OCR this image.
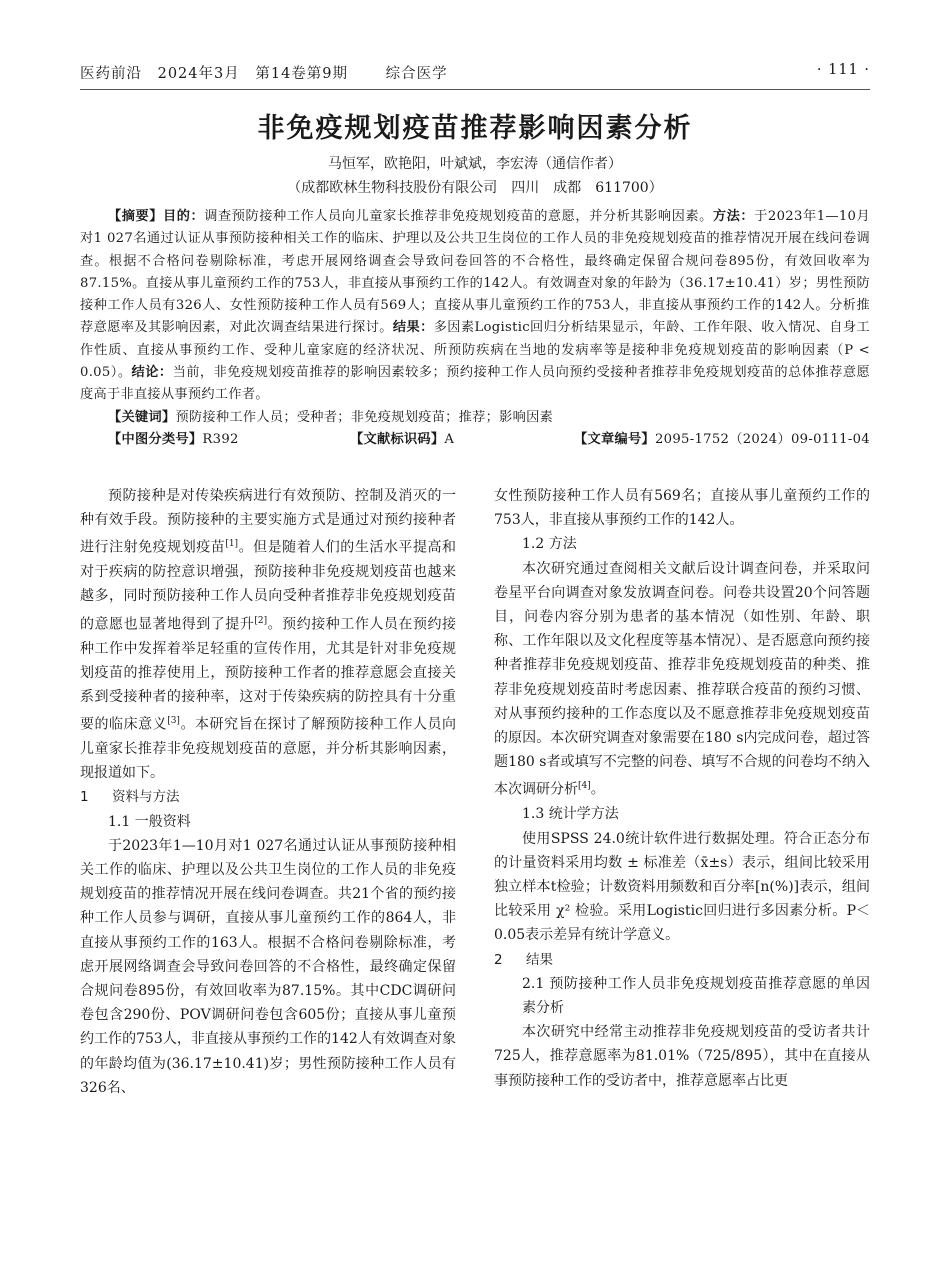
医药前沿 2024年3月 第14卷第9期	综合医学	· 111 ·
非免疫规划疫苗推荐影响因素分析
马恒军，欧艳阳，叶斌斌，李宏涛（通信作者）
（成都欧林生物科技股份有限公司　四川　成都　611700）

【摘要】目的：调查预防接种工作人员向儿童家长推荐非免疫规划疫苗的意愿，并分析其影响因素。方法：于2023年1—10月对1 027名通过认证从事预防接种相关工作的临床、护理以及公共卫生岗位的工作人员的非免疫规划疫苗的推荐情况开展在线问卷调查。根据不合格问卷剔除标准，考虑开展网络调查会导致问卷回答的不合格性，最终确定保留合规问卷895份，有效回收率为87.15%。直接从事儿童预约工作的753人，非直接从事预约工作的142人。有效调查对象的年龄为（36.17±10.41）岁；男性预防接种工作人员有326人、女性预防接种工作人员有569人；直接从事儿童预约工作的753人，非直接从事预约工作的142人。分析推荐意愿率及其影响因素，对此次调查结果进行探讨。结果：多因素Logistic回归分析结果显示，年龄、工作年限、收入情况、自身工作性质、直接从事预约工作、受种儿童家庭的经济状况、所预防疾病在当地的发病率等是接种非免疫规划疫苗的影响因素（P < 0.05）。结论：当前，非免疫规划疫苗推荐的影响因素较多；预约接种工作人员向预约受接种者推荐非免疫规划疫苗的总体推荐意愿度高于非直接从事预约工作者。

【关键词】预防接种工作人员；受种者；非免疫规划疫苗；推荐；影响因素

【中图分类号】R392	【文献标识码】A	【文章编号】2095-1752（2024）09-0111-04

预防接种是对传染疾病进行有效预防、控制及消灭的一种有效手段。预防接种的主要实施方式是通过对预约接种者进行注射免疫规划疫苗[1]。但是随着人们的生活水平提高和对于疾病的防控意识增强，预防接种非免疫规划疫苗也越来越多，同时预防接种工作人员向受种者推荐非免疫规划疫苗的意愿也显著地得到了提升[2]。预约接种工作人员在预约接种工作中发挥着举足轻重的宣传作用，尤其是针对非免疫规划疫苗的推荐使用上，预防接种工作者的推荐意愿会直接关系到受接种者的接种率，这对于传染疾病的防控具有十分重要的临床意义[3]。本研究旨在探讨了解预防接种工作人员向儿童家长推荐非免疫规划疫苗的意愿，并分析其影响因素，现报道如下。

1 资料与方法

1.1 一般资料

于2023年1—10月对1 027名通过认证从事预防接种相关工作的临床、护理以及公共卫生岗位的工作人员的非免疫规划疫苗的推荐情况开展在线问卷调查。共21个省的预约接种工作人员参与调研，直接从事儿童预约工作的864人，非直接从事预约工作的163人。根据不合格问卷剔除标准，考虑开展网络调查会导致问卷回答的不合格性，最终确定保留合规问卷895份，有效回收率为87.15%。其中CDC调研问卷包含290份、POV调研问卷包含605份；直接从事儿童预约工作的753人，非直接从事预约工作的142人有效调查对象的年龄均值为(36.17±10.41)岁；男性预防接种工作人员有326名、

女性预防接种工作人员有569名；直接从事儿童预约工作的753人，非直接从事预约工作的142人。

1.2 方法

本次研究通过查阅相关文献后设计调查问卷，并采取问卷星平台向调查对象发放调查问卷。问卷共设置20个问答题目，问卷内容分别为患者的基本情况（如性别、年龄、职称、工作年限以及文化程度等基本情况）、是否愿意向预约接种者推荐非免疫规划疫苗、推荐非免疫规划疫苗的种类、推荐非免疫规划疫苗时考虑因素、推荐联合疫苗的预约习惯、对从事预约接种的工作态度以及不愿意推荐非免疫规划疫苗的原因。本次研究调查对象需要在180 s内完成问卷，超过答题180 s者或填写不完整的问卷、填写不合规的问卷均不纳入本次调研分析[4]。

1.3 统计学方法

使用SPSS 24.0统计软件进行数据处理。符合正态分布的计量资料采用均数 ± 标准差（x̄±s）表示，组间比较采用独立样本t检验；计数资料用频数和百分率[n(%)]表示，组间比较采用 χ² 检验。采用Logistic回归进行多因素分析。P＜0.05表示差异有统计学意义。

2 结果

2.1 预防接种工作人员非免疫规划疫苗推荐意愿的单因素分析

本次研究中经常主动推荐非免疫规划疫苗的受访者共计725人，推荐意愿率为81.01%（725/895），其中在直接从事预防接种工作的受访者中，推荐意愿率占比更
